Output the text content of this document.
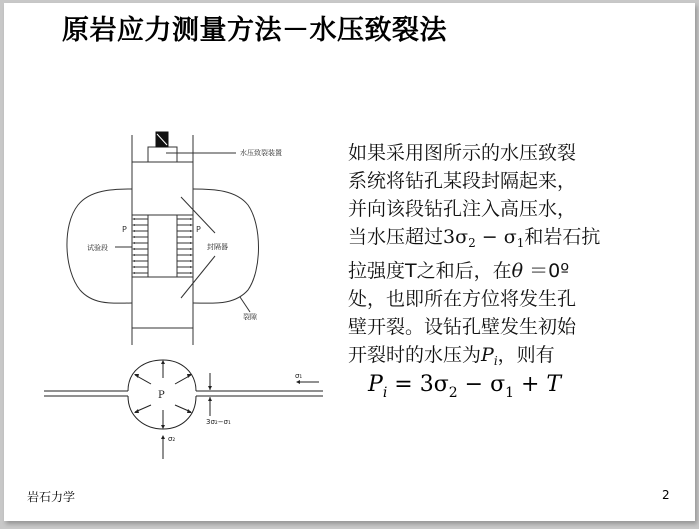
原岩应力测量方法－水压致裂法
水压致裂装置
试验段	封隔器
裂隙
P	P
P
σ₁
σ₂
3σ₂−σ₁
如果采用图所示的水压致裂
系统将钻孔某段封隔起来，
并向该段钻孔注入高压水，
当水压超过$3\sigma_2 - \sigma_1$和岩石抗
拉强度T之和后，在θ ＝0º
处，也即所在方位将发生孔
壁开裂。设钻孔壁发生初始
开裂时的水压为$P_i$，则有
$P_i = 3\sigma_2 - \sigma_1 + T$
岩石力学	2
